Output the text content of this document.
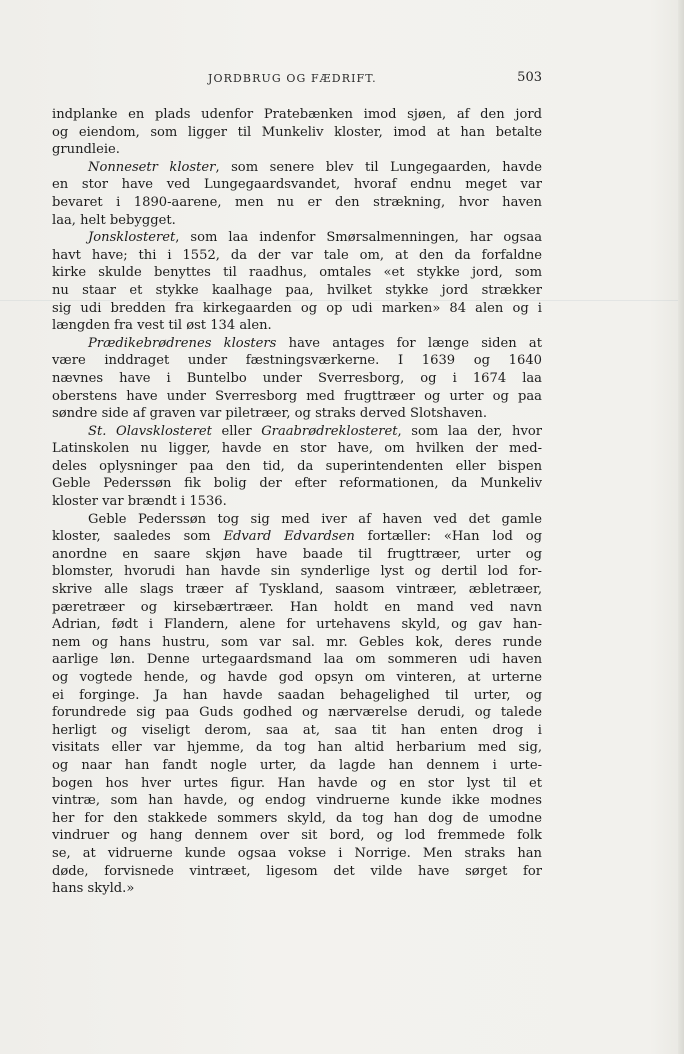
JORDBRUG OG FÆDRIFT.	503

indplanke en plads udenfor Pratebænken imod sjøen, af den jord

og eiendom, som ligger til Munkeliv kloster, imod at han betalte

grundleie.

Nonnesetr kloster, som senere blev til Lungegaarden, havde

en stor have ved Lungegaardsvandet, hvoraf endnu meget var

bevaret i 1890-aarene, men nu er den strækning, hvor haven

laa, helt bebygget.

Jonsklosteret, som laa indenfor Smørsalmenningen, har ogsaa

havt have; thi i 1552, da der var tale om, at den da forfaldne

kirke skulde benyttes til raadhus, omtales «et stykke jord, som

nu staar et stykke kaalhage paa, hvilket stykke jord strækker

sig udi bredden fra kirkegaarden og op udi marken» 84 alen og i

længden fra vest til øst 134 alen.

Prædikebrødrenes klosters have antages for længe siden at

være inddraget under fæstningsværkerne. I 1639 og 1640

nævnes have i Buntelbo under Sverresborg, og i 1674 laa

oberstens have under Sverresborg med frugttræer og urter og paa

søndre side af graven var piletræer, og straks derved Slotshaven.

St. Olavsklosteret eller Graabrødreklosteret, som laa der, hvor

Latinskolen nu ligger, havde en stor have, om hvilken der med-

deles oplysninger paa den tid, da superintendenten eller bispen

Geble Pederssøn fik bolig der efter reformationen, da Munkeliv

kloster var brændt i 1536.

Geble Pederssøn tog sig med iver af haven ved det gamle

kloster, saaledes som Edvard Edvardsen fortæller: «Han lod og

anordne en saare skjøn have baade til frugttræer, urter og

blomster, hvorudi han havde sin synderlige lyst og dertil lod for-

skrive alle slags træer af Tyskland, saasom vintræer, æbletræer,

pæretræer og kirsebærtræer. Han holdt en mand ved navn

Adrian, født i Flandern, alene for urtehavens skyld, og gav han-

nem og hans hustru, som var sal. mr. Gebles kok, deres runde

aarlige løn. Denne urtegaardsmand laa om sommeren udi haven

og vogtede hende, og havde god opsyn om vinteren, at urterne

ei forginge. Ja han havde saadan behagelighed til urter, og

forundrede sig paa Guds godhed og nærværelse derudi, og talede

herligt og viseligt derom, saa at, saa tit han enten drog i

visitats eller var hjemme, da tog han altid herbarium med sig,

og naar han fandt nogle urter, da lagde han dennem i urte-

bogen hos hver urtes figur. Han havde og en stor lyst til et

vintræ, som han havde, og endog vindruerne kunde ikke modnes

her for den stakkede sommers skyld, da tog han dog de umodne

vindruer og hang dennem over sit bord, og lod fremmede folk

se, at vidruerne kunde ogsaa vokse i Norrige. Men straks han

døde, forvisnede vintræet, ligesom det vilde have sørget for

hans skyld.»
